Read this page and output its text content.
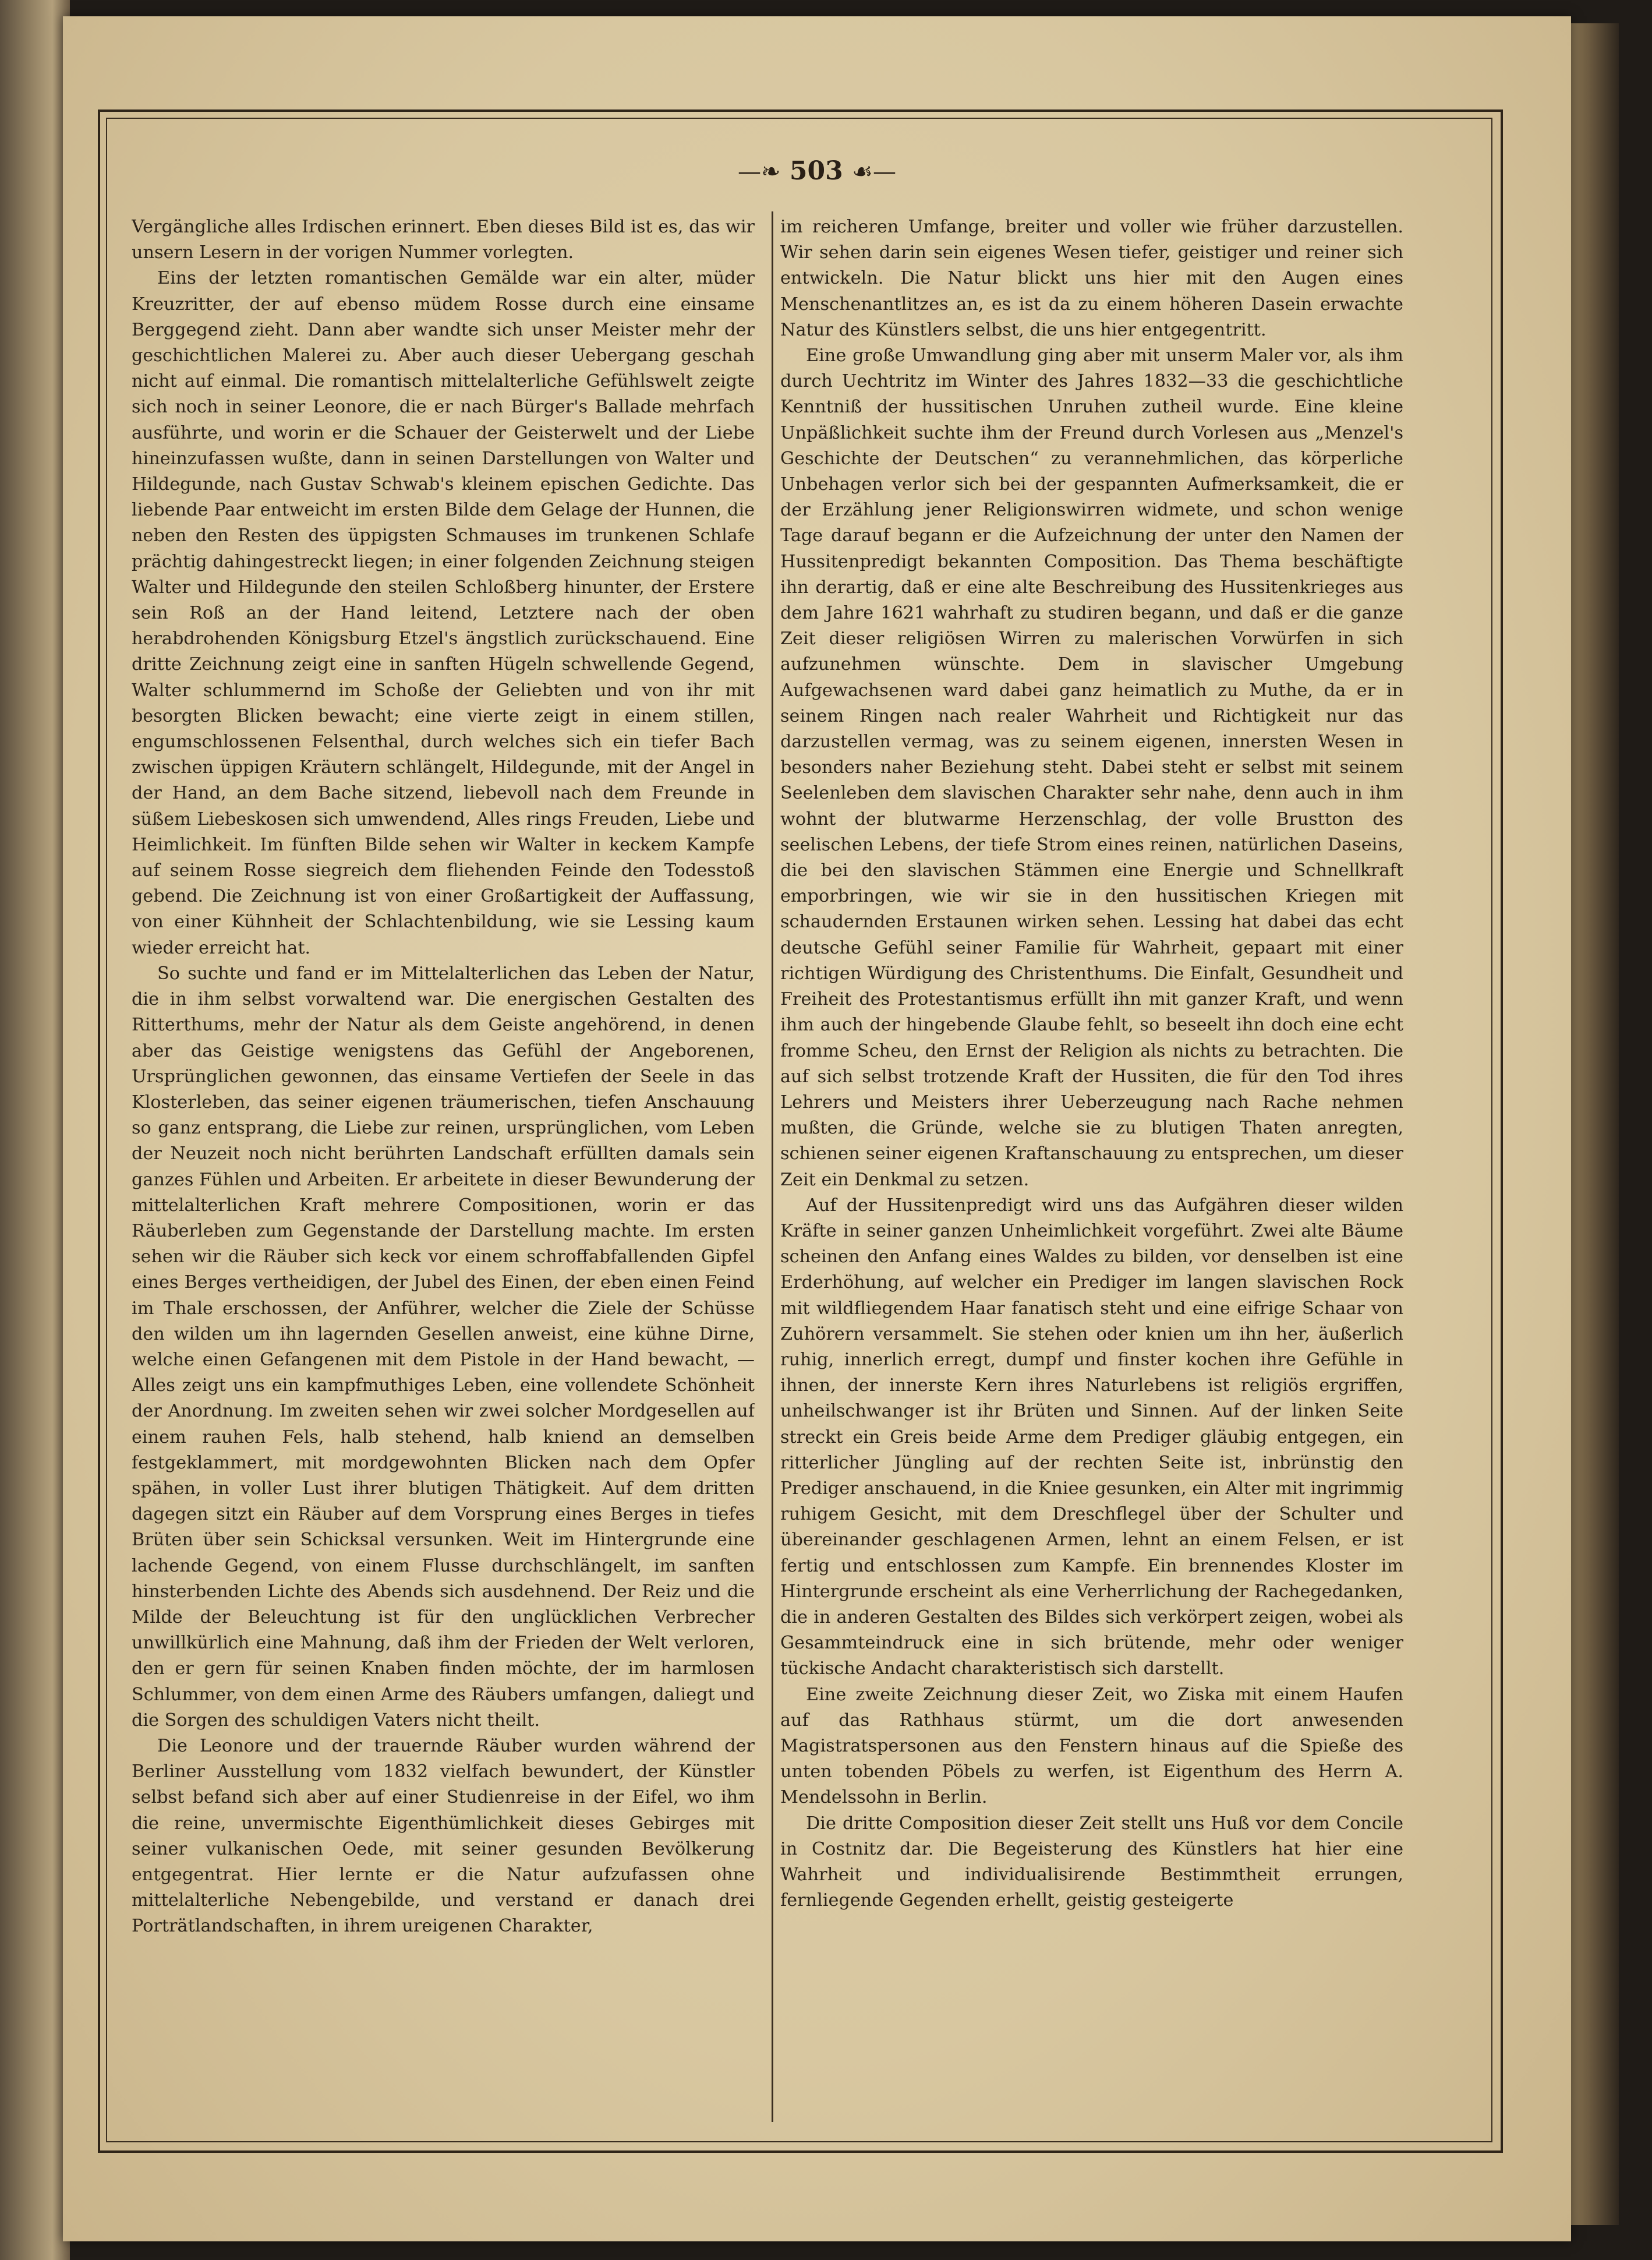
—❧ 503 ☙—

Vergängliche alles Irdischen erinnert. Eben dieses Bild ist es, das wir unsern Lesern in der vorigen Nummer vorlegten.

Eins der letzten romantischen Gemälde war ein alter, müder Kreuzritter, der auf ebenso müdem Rosse durch eine einsame Berggegend zieht. Dann aber wandte sich unser Meister mehr der geschichtlichen Malerei zu. Aber auch dieser Uebergang geschah nicht auf einmal. Die romantisch mittelalterliche Gefühlswelt zeigte sich noch in seiner Leonore, die er nach Bürger's Ballade mehrfach ausführte, und worin er die Schauer der Geisterwelt und der Liebe hineinzufassen wußte, dann in seinen Darstellungen von Walter und Hildegunde, nach Gustav Schwab's kleinem epischen Gedichte. Das liebende Paar entweicht im ersten Bilde dem Gelage der Hunnen, die neben den Resten des üppigsten Schmauses im trunkenen Schlafe prächtig dahingestreckt liegen; in einer folgenden Zeichnung steigen Walter und Hildegunde den steilen Schloßberg hinunter, der Erstere sein Roß an der Hand leitend, Letztere nach der oben herabdrohenden Königsburg Etzel's ängstlich zurückschauend. Eine dritte Zeichnung zeigt eine in sanften Hügeln schwellende Gegend, Walter schlummernd im Schoße der Geliebten und von ihr mit besorgten Blicken bewacht; eine vierte zeigt in einem stillen, engumschlossenen Felsenthal, durch welches sich ein tiefer Bach zwischen üppigen Kräutern schlängelt, Hildegunde, mit der Angel in der Hand, an dem Bache sitzend, liebevoll nach dem Freunde in süßem Liebeskosen sich umwendend, Alles rings Freuden, Liebe und Heimlichkeit. Im fünften Bilde sehen wir Walter in keckem Kampfe auf seinem Rosse siegreich dem fliehenden Feinde den Todesstoß gebend. Die Zeichnung ist von einer Großartigkeit der Auffassung, von einer Kühnheit der Schlachtenbildung, wie sie Lessing kaum wieder erreicht hat.

So suchte und fand er im Mittelalterlichen das Leben der Natur, die in ihm selbst vorwaltend war. Die energischen Gestalten des Ritterthums, mehr der Natur als dem Geiste angehörend, in denen aber das Geistige wenigstens das Gefühl der Angeborenen, Ursprünglichen gewonnen, das einsame Vertiefen der Seele in das Klosterleben, das seiner eigenen träumerischen, tiefen Anschauung so ganz entsprang, die Liebe zur reinen, ursprünglichen, vom Leben der Neuzeit noch nicht berührten Landschaft erfüllten damals sein ganzes Fühlen und Arbeiten. Er arbeitete in dieser Bewunderung der mittelalterlichen Kraft mehrere Compositionen, worin er das Räuberleben zum Gegenstande der Darstellung machte. Im ersten sehen wir die Räuber sich keck vor einem schroffabfallenden Gipfel eines Berges vertheidigen, der Jubel des Einen, der eben einen Feind im Thale erschossen, der Anführer, welcher die Ziele der Schüsse den wilden um ihn lagernden Gesellen anweist, eine kühne Dirne, welche einen Gefangenen mit dem Pistole in der Hand bewacht, — Alles zeigt uns ein kampfmuthiges Leben, eine vollendete Schönheit der Anordnung. Im zweiten sehen wir zwei solcher Mordgesellen auf einem rauhen Fels, halb stehend, halb kniend an demselben festgeklammert, mit mordgewohnten Blicken nach dem Opfer spähen, in voller Lust ihrer blutigen Thätigkeit. Auf dem dritten dagegen sitzt ein Räuber auf dem Vorsprung eines Berges in tiefes Brüten über sein Schicksal versunken. Weit im Hintergrunde eine lachende Gegend, von einem Flusse durchschlängelt, im sanften hinsterbenden Lichte des Abends sich ausdehnend. Der Reiz und die Milde der Beleuchtung ist für den unglücklichen Verbrecher unwillkürlich eine Mahnung, daß ihm der Frieden der Welt verloren, den er gern für seinen Knaben finden möchte, der im harmlosen Schlummer, von dem einen Arme des Räubers umfangen, daliegt und die Sorgen des schuldigen Vaters nicht theilt.

Die Leonore und der trauernde Räuber wurden während der Berliner Ausstellung vom 1832 vielfach bewundert, der Künstler selbst befand sich aber auf einer Studienreise in der Eifel, wo ihm die reine, unvermischte Eigenthümlichkeit dieses Gebirges mit seiner vulkanischen Oede, mit seiner gesunden Bevölkerung entgegentrat. Hier lernte er die Natur aufzufassen ohne mittelalterliche Nebengebilde, und verstand er danach drei Porträtlandschaften, in ihrem ureigenen Charakter,

im reicheren Umfange, breiter und voller wie früher darzustellen. Wir sehen darin sein eigenes Wesen tiefer, geistiger und reiner sich entwickeln. Die Natur blickt uns hier mit den Augen eines Menschenantlitzes an, es ist da zu einem höheren Dasein erwachte Natur des Künstlers selbst, die uns hier entgegentritt.

Eine große Umwandlung ging aber mit unserm Maler vor, als ihm durch Uechtritz im Winter des Jahres 1832—33 die geschichtliche Kenntniß der hussitischen Unruhen zutheil wurde. Eine kleine Unpäßlichkeit suchte ihm der Freund durch Vorlesen aus „Menzel's Geschichte der Deutschen“ zu verannehmlichen, das körperliche Unbehagen verlor sich bei der gespannten Aufmerksamkeit, die er der Erzählung jener Religionswirren widmete, und schon wenige Tage darauf begann er die Aufzeichnung der unter den Namen der Hussitenpredigt bekannten Composition. Das Thema beschäftigte ihn derartig, daß er eine alte Beschreibung des Hussitenkrieges aus dem Jahre 1621 wahrhaft zu studiren begann, und daß er die ganze Zeit dieser religiösen Wirren zu malerischen Vorwürfen in sich aufzunehmen wünschte. Dem in slavischer Umgebung Aufgewachsenen ward dabei ganz heimatlich zu Muthe, da er in seinem Ringen nach realer Wahrheit und Richtigkeit nur das darzustellen vermag, was zu seinem eigenen, innersten Wesen in besonders naher Beziehung steht. Dabei steht er selbst mit seinem Seelenleben dem slavischen Charakter sehr nahe, denn auch in ihm wohnt der blutwarme Herzenschlag, der volle Brustton des seelischen Lebens, der tiefe Strom eines reinen, natürlichen Daseins, die bei den slavischen Stämmen eine Energie und Schnellkraft emporbringen, wie wir sie in den hussitischen Kriegen mit schaudernden Erstaunen wirken sehen. Lessing hat dabei das echt deutsche Gefühl seiner Familie für Wahrheit, gepaart mit einer richtigen Würdigung des Christenthums. Die Einfalt, Gesundheit und Freiheit des Protestantismus erfüllt ihn mit ganzer Kraft, und wenn ihm auch der hingebende Glaube fehlt, so beseelt ihn doch eine echt fromme Scheu, den Ernst der Religion als nichts zu betrachten. Die auf sich selbst trotzende Kraft der Hussiten, die für den Tod ihres Lehrers und Meisters ihrer Ueberzeugung nach Rache nehmen mußten, die Gründe, welche sie zu blutigen Thaten anregten, schienen seiner eigenen Kraftanschauung zu entsprechen, um dieser Zeit ein Denkmal zu setzen.

Auf der Hussitenpredigt wird uns das Aufgähren dieser wilden Kräfte in seiner ganzen Unheimlichkeit vorgeführt. Zwei alte Bäume scheinen den Anfang eines Waldes zu bilden, vor denselben ist eine Erderhöhung, auf welcher ein Prediger im langen slavischen Rock mit wildfliegendem Haar fanatisch steht und eine eifrige Schaar von Zuhörern versammelt. Sie stehen oder knien um ihn her, äußerlich ruhig, innerlich erregt, dumpf und finster kochen ihre Gefühle in ihnen, der innerste Kern ihres Naturlebens ist religiös ergriffen, unheilschwanger ist ihr Brüten und Sinnen. Auf der linken Seite streckt ein Greis beide Arme dem Prediger gläubig entgegen, ein ritterlicher Jüngling auf der rechten Seite ist, inbrünstig den Prediger anschauend, in die Kniee gesunken, ein Alter mit ingrimmig ruhigem Gesicht, mit dem Dreschflegel über der Schulter und übereinander geschlagenen Armen, lehnt an einem Felsen, er ist fertig und entschlossen zum Kampfe. Ein brennendes Kloster im Hintergrunde erscheint als eine Verherrlichung der Rachegedanken, die in anderen Gestalten des Bildes sich verkörpert zeigen, wobei als Gesammteindruck eine in sich brütende, mehr oder weniger tückische Andacht charakteristisch sich darstellt.

Eine zweite Zeichnung dieser Zeit, wo Ziska mit einem Haufen auf das Rathhaus stürmt, um die dort anwesenden Magistratspersonen aus den Fenstern hinaus auf die Spieße des unten tobenden Pöbels zu werfen, ist Eigenthum des Herrn A. Mendelssohn in Berlin.

Die dritte Composition dieser Zeit stellt uns Huß vor dem Concile in Costnitz dar. Die Begeisterung des Künstlers hat hier eine Wahrheit und individualisirende Bestimmtheit errungen, fernliegende Gegenden erhellt, geistig gesteigerte
